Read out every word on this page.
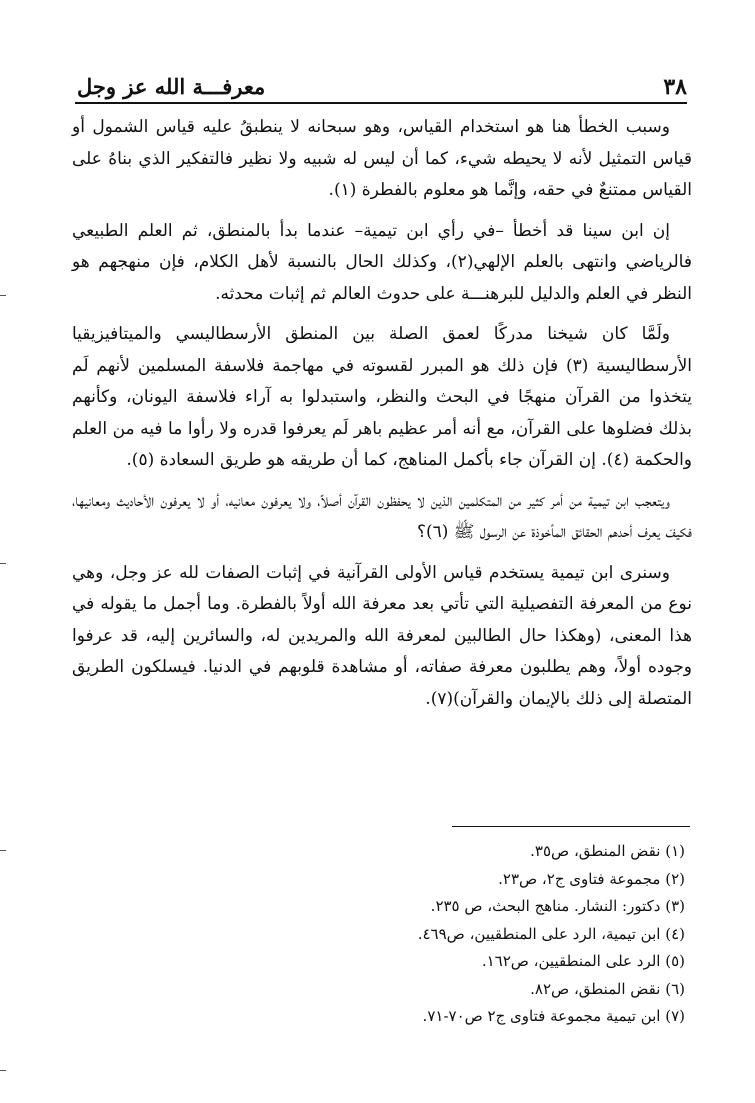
٣٨
معرفـــة الله عز وجل

وسبب الخطأ هنا هو استخدام القياس، وهو سبحانه لا ينطبقُ عليه قياس الشمول أو قياس التمثيل لأنه لا يحيطه شيء، كما أن ليس له شبيه ولا نظير فالتفكير الذي بناهُ على القياس ممتنعٌ في حقه، وإنَّما هو معلوم بالفطرة (١).

إن ابن سينا قد أخطأ –في رأي ابن تيمية– عندما بدأ بالمنطق، ثم العلم الطبيعي فالرياضي وانتهى بالعلم الإلهي(٢)، وكذلك الحال بالنسبة لأهل الكلام، فإن منهجهم هو النظر في العلم والدليل للبرهنـــة على حدوث العالم ثم إثبات محدثه.

ولَمَّا كان شيخنا مدركًا لعمق الصلة بين المنطق الأرسطاليسي والميتافيزيقيا الأرسطاليسية (٣) فإن ذلك هو المبرر لقسوته في مهاجمة فلاسفة المسلمين لأنهم لَم يتخذوا من القرآن منهجًا في البحث والنظر، واستبدلوا به آراء فلاسفة اليونان، وكأنهم بذلك فضلوها على القرآن، مع أنه أمر عظيم باهر لَم يعرفوا قدره ولا رأوا ما فيه من العلم والحكمة (٤). إن القرآن جاء بأكمل المناهج، كما أن طريقه هو طريق السعادة (٥).

ويتعجب ابن تيمية من أمر كثير من المتكلمين الذين لا يحفظون القرآن أصلاً، ولا يعرفون معانيه، أو لا يعرفون الأحاديث ومعانيها، فكيفَ يعرف أحدهم الحقائق المأخوذة عن الرسول ﷺ (٦)؟

وسنرى ابن تيمية يستخدم قياس الأولى القرآنية في إثبات الصفات لله عز وجل، وهي نوع من المعرفة التفصيلية التي تأتي بعد معرفة الله أولاً بالفطرة. وما أجمل ما يقوله في هذا المعنى، (وهكذا حال الطالبين لمعرفة الله والمريدين له، والسائرين إليه، قد عرفوا وجوده أولاً، وهم يطلبون معرفة صفاته، أو مشاهدة قلوبهم في الدنيا. فيسلكون الطريق المتصلة إلى ذلك بالإيمان والقرآن)(٧).

(١) نقض المنطق، ص٣٥.
(٢) مجموعة فتاوى ج٢، ص٢٣.
(٣) دكتور: النشار. مناهج البحث، ص ٢٣٥.
(٤) ابن تيمية، الرد على المنطقيين، ص٤٦٩.
(٥) الرد على المنطقيين، ص١٦٢.
(٦) نقض المنطق، ص٨٢.
(٧) ابن تيمية مجموعة فتاوى ج٢ ص٧٠-٧١.
